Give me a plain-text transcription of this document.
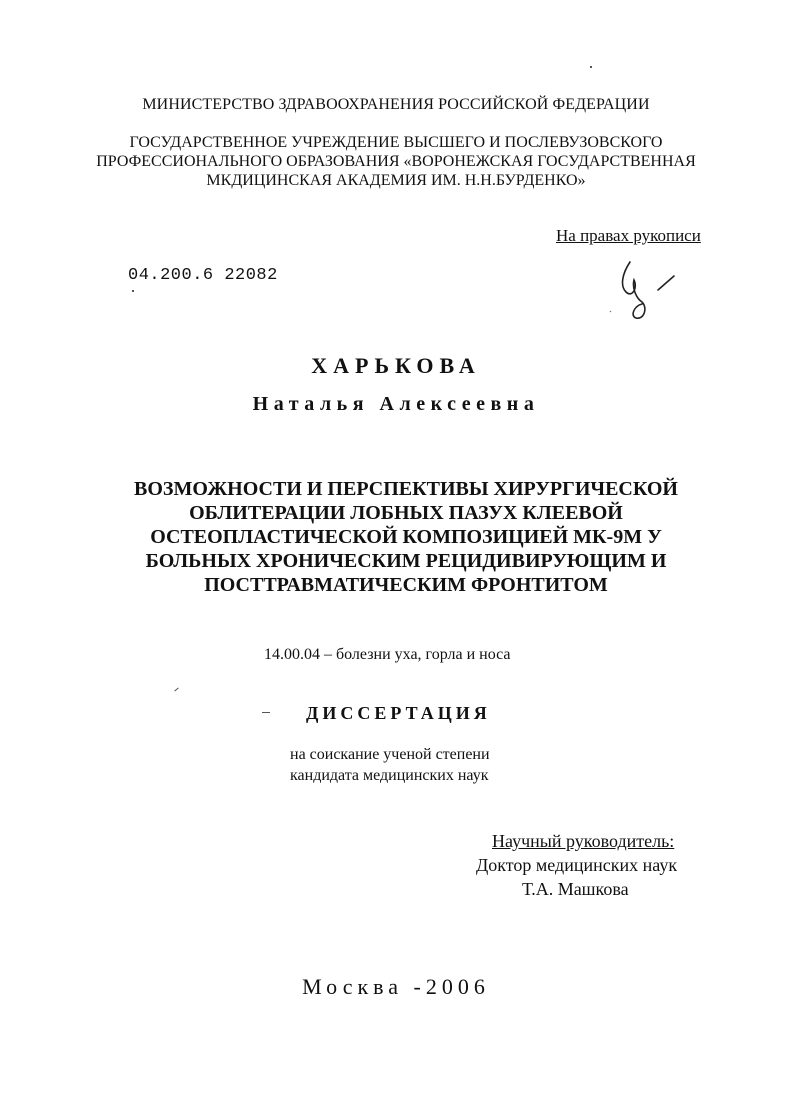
МИНИСТЕРСТВО ЗДРАВООХРАНЕНИЯ РОССИЙСКОЙ ФЕДЕРАЦИИ
ГОСУДАРСТВЕННОЕ УЧРЕЖДЕНИЕ ВЫСШЕГО И ПОСЛЕВУЗОВСКОГО
ПРОФЕССИОНАЛЬНОГО ОБРАЗОВАНИЯ «ВОРОНЕЖСКАЯ ГОСУДАРСТВЕННАЯ
МКДИЦИНСКАЯ АКАДЕМИЯ ИМ. Н.Н.БУРДЕНКО»
На правах рукописи
04.200.6 22082
ХАРЬКОВА
Наталья Алексеевна
ВОЗМОЖНОСТИ И ПЕРСПЕКТИВЫ ХИРУРГИЧЕСКОЙ
ОБЛИТЕРАЦИИ ЛОБНЫХ ПАЗУХ КЛЕЕВОЙ
ОСТЕОПЛАСТИЧЕСКОЙ КОМПОЗИЦИЕЙ МК-9М У
БОЛЬНЫХ ХРОНИЧЕСКИМ РЕЦИДИВИРУЮЩИМ И
ПОСТТРАВМАТИЧЕСКИМ ФРОНТИТОМ
14.00.04 – болезни уха, горла и носа
ДИССЕРТАЦИЯ
на соискание ученой степени
кандидата медицинских наук
Научный руководитель:
Доктор медицинских наук
Т.А. Машкова
Москва -2006
